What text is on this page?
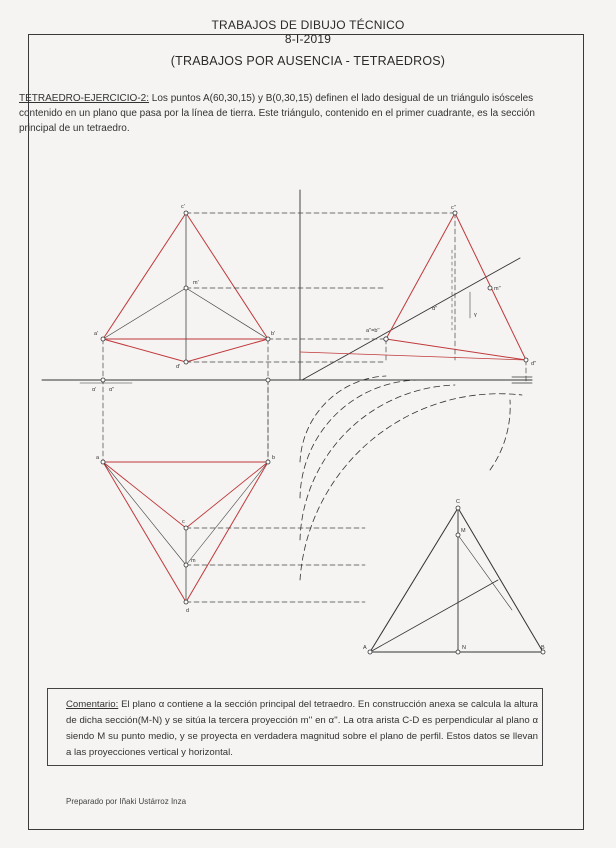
TRABAJOS DE DIBUJO TÉCNICO
8-I-2019
(TRABAJOS POR AUSENCIA - TETRAEDROS)
TETRAEDRO-EJERCICIO-2: Los puntos A(60,30,15) y B(0,30,15) definen el lado desigual de un triángulo isósceles contenido en un plano que pasa por la línea de tierra. Este triángulo, contenido en el primer cuadrante, es la sección principal de un tetraedro.
c'
m'
a'	b'
d'
α' α''
a	b
c
m
d
c''
m''
a''=b''
d''
α''
γ
C
M
A	N	B
Comentario: El plano α contiene a la sección principal del tetraedro. En construcción anexa se calcula la altura de dicha sección(M-N) y se sitúa la tercera proyección m'' en α''. La otra arista C-D es perpendicular al plano α siendo M su punto medio, y se proyecta en verdadera magnitud sobre el plano de perfil. Estos datos se llevan a las proyecciones vertical y horizontal.
Preparado por Iñaki Ustárroz Inza
